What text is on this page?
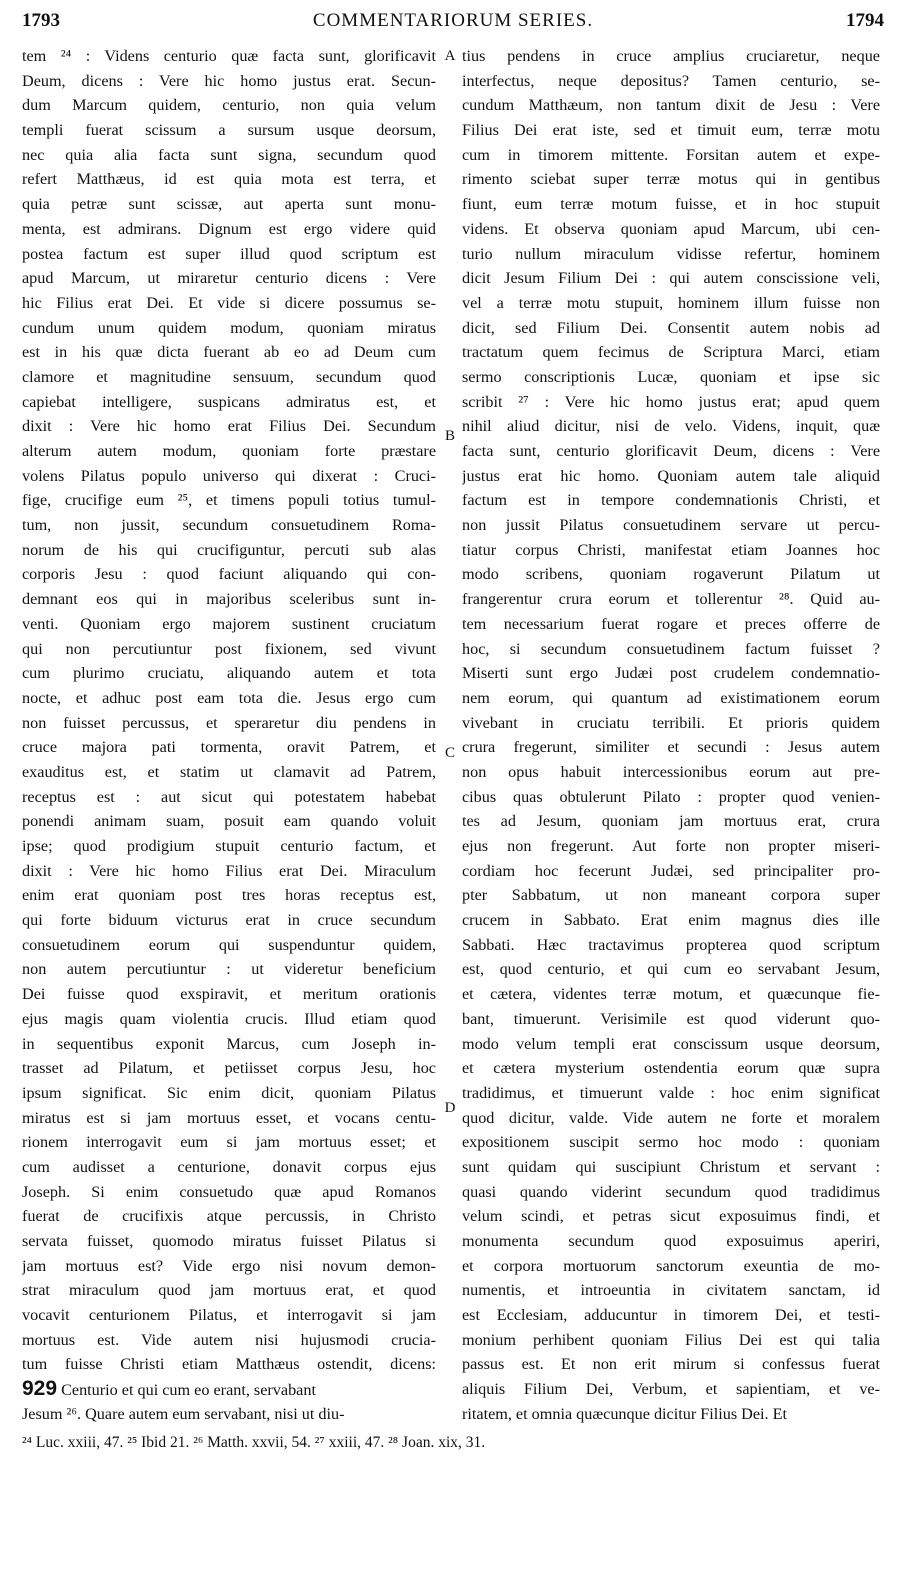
1793	COMMENTARIORUM SERIES.	1794
tem ²⁴ : Videns centurio quæ facta sunt, glorificavit
Deum, dicens : Vere hic homo justus erat. Secun-
dum Marcum quidem, centurio, non quia velum
templi fuerat scissum a sursum usque deorsum,
nec quia alia facta sunt signa, secundum quod
refert Matthæus, id est quia mota est terra, et
quia petræ sunt scissæ, aut aperta sunt monu-
menta, est admirans. Dignum est ergo videre quid
postea factum est super illud quod scriptum est
apud Marcum, ut miraretur centurio dicens : Vere
hic Filius erat Dei. Et vide si dicere possumus se-
cundum unum quidem modum, quoniam miratus
est in his quæ dicta fuerant ab eo ad Deum cum
clamore et magnitudine sensuum, secundum quod
capiebat intelligere, suspicans admiratus est, et
dixit : Vere hic homo erat Filius Dei. Secundum
alterum autem modum, quoniam forte præstare
volens Pilatus populo universo qui dixerat : Cruci-
fige, crucifige eum ²⁵, et timens populi totius tumul-
tum, non jussit, secundum consuetudinem Roma-
norum de his qui crucifiguntur, percuti sub alas
corporis Jesu : quod faciunt aliquando qui con-
demnant eos qui in majoribus sceleribus sunt in-
venti. Quoniam ergo majorem sustinent cruciatum
qui non percutiuntur post fixionem, sed vivunt
cum plurimo cruciatu, aliquando autem et tota
nocte, et adhuc post eam tota die. Jesus ergo cum
non fuisset percussus, et speraretur diu pendens in
cruce majora pati tormenta, oravit Patrem, et
exauditus est, et statim ut clamavit ad Patrem,
receptus est : aut sicut qui potestatem habebat
ponendi animam suam, posuit eam quando voluit
ipse; quod prodigium stupuit centurio factum, et
dixit : Vere hic homo Filius erat Dei. Miraculum
enim erat quoniam post tres horas receptus est,
qui forte biduum victurus erat in cruce secundum
consuetudinem eorum qui suspenduntur quidem,
non autem percutiuntur : ut videretur beneficium
Dei fuisse quod exspiravit, et meritum orationis
ejus magis quam violentia crucis. Illud etiam quod
in sequentibus exponit Marcus, cum Joseph in-
trasset ad Pilatum, et petiisset corpus Jesu, hoc
ipsum significat. Sic enim dicit, quoniam Pilatus
miratus est si jam mortuus esset, et vocans centu-
rionem interrogavit eum si jam mortuus esset; et
cum audisset a centurione, donavit corpus ejus
Joseph. Si enim consuetudo quæ apud Romanos
fuerat de crucifixis atque percussis, in Christo
servata fuisset, quomodo miratus fuisset Pilatus si
jam mortuus est? Vide ergo nisi novum demon-
strat miraculum quod jam mortuus erat, et quod
vocavit centurionem Pilatus, et interrogavit si jam
mortuus est. Vide autem nisi hujusmodi crucia-
tum fuisse Christi etiam Matthæus ostendit, dicens:
929 Centurio et qui cum eo erant, servabant
Jesum ²⁶. Quare autem eum servabant, nisi ut diu-
tius pendens in cruce amplius cruciaretur, neque
interfectus, neque depositus? Tamen centurio, se-
cundum Matthæum, non tantum dixit de Jesu : Vere
Filius Dei erat iste, sed et timuit eum, terræ motu
cum in timorem mittente. Forsitan autem et expe-
rimento sciebat super terræ motus qui in gentibus
fiunt, eum terræ motum fuisse, et in hoc stupuit
videns. Et observa quoniam apud Marcum, ubi cen-
turio nullum miraculum vidisse refertur, hominem
dicit Jesum Filium Dei : qui autem conscissione veli,
vel a terræ motu stupuit, hominem illum fuisse non
dicit, sed Filium Dei. Consentit autem nobis ad
tractatum quem fecimus de Scriptura Marci, etiam
sermo conscriptionis Lucæ, quoniam et ipse sic
scribit ²⁷ : Vere hic homo justus erat; apud quem
nihil aliud dicitur, nisi de velo. Videns, inquit, quæ
facta sunt, centurio glorificavit Deum, dicens : Vere
justus erat hic homo. Quoniam autem tale aliquid
factum est in tempore condemnationis Christi, et
non jussit Pilatus consuetudinem servare ut percu-
tiatur corpus Christi, manifestat etiam Joannes hoc
modo scribens, quoniam rogaverunt Pilatum ut
frangerentur crura eorum et tollerentur ²⁸. Quid au-
tem necessarium fuerat rogare et preces offerre de
hoc, si secundum consuetudinem factum fuisset ?
Miserti sunt ergo Judæi post crudelem condemnatio-
nem eorum, qui quantum ad existimationem eorum
vivebant in cruciatu terribili. Et prioris quidem
crura fregerunt, similiter et secundi : Jesus autem
non opus habuit intercessionibus eorum aut pre-
cibus quas obtulerunt Pilato : propter quod venien-
tes ad Jesum, quoniam jam mortuus erat, crura
ejus non fregerunt. Aut forte non propter miseri-
cordiam hoc fecerunt Judæi, sed principaliter pro-
pter Sabbatum, ut non maneant corpora super
crucem in Sabbato. Erat enim magnus dies ille
Sabbati. Hæc tractavimus propterea quod scriptum
est, quod centurio, et qui cum eo servabant Jesum,
et cætera, videntes terræ motum, et quæcunque fie-
bant, timuerunt. Verisimile est quod viderunt quo-
modo velum templi erat conscissum usque deorsum,
et cætera mysterium ostendentia eorum quæ supra
tradidimus, et timuerunt valde : hoc enim significat
quod dicitur, valde. Vide autem ne forte et moralem
expositionem suscipit sermo hoc modo : quoniam
sunt quidam qui suscipiunt Christum et servant :
quasi quando viderint secundum quod tradidimus
velum scindi, et petras sicut exposuimus findi, et
monumenta secundum quod exposuimus aperiri,
et corpora mortuorum sanctorum exeuntia de mo-
numentis, et introeuntia in civitatem sanctam, id
est Ecclesiam, adducuntur in timorem Dei, et testi-
monium perhibent quoniam Filius Dei est qui talia
passus est. Et non erit mirum si confessus fuerat
aliquis Filium Dei, Verbum, et sapientiam, et ve-
ritatem, et omnia quæcunque dicitur Filius Dei. Et
A
B
C
D
²⁴ Luc. xxiii, 47. ²⁵ Ibid 21. ²⁶ Matth. xxvii, 54. ²⁷ xxiii, 47. ²⁸ Joan. xix, 31.
